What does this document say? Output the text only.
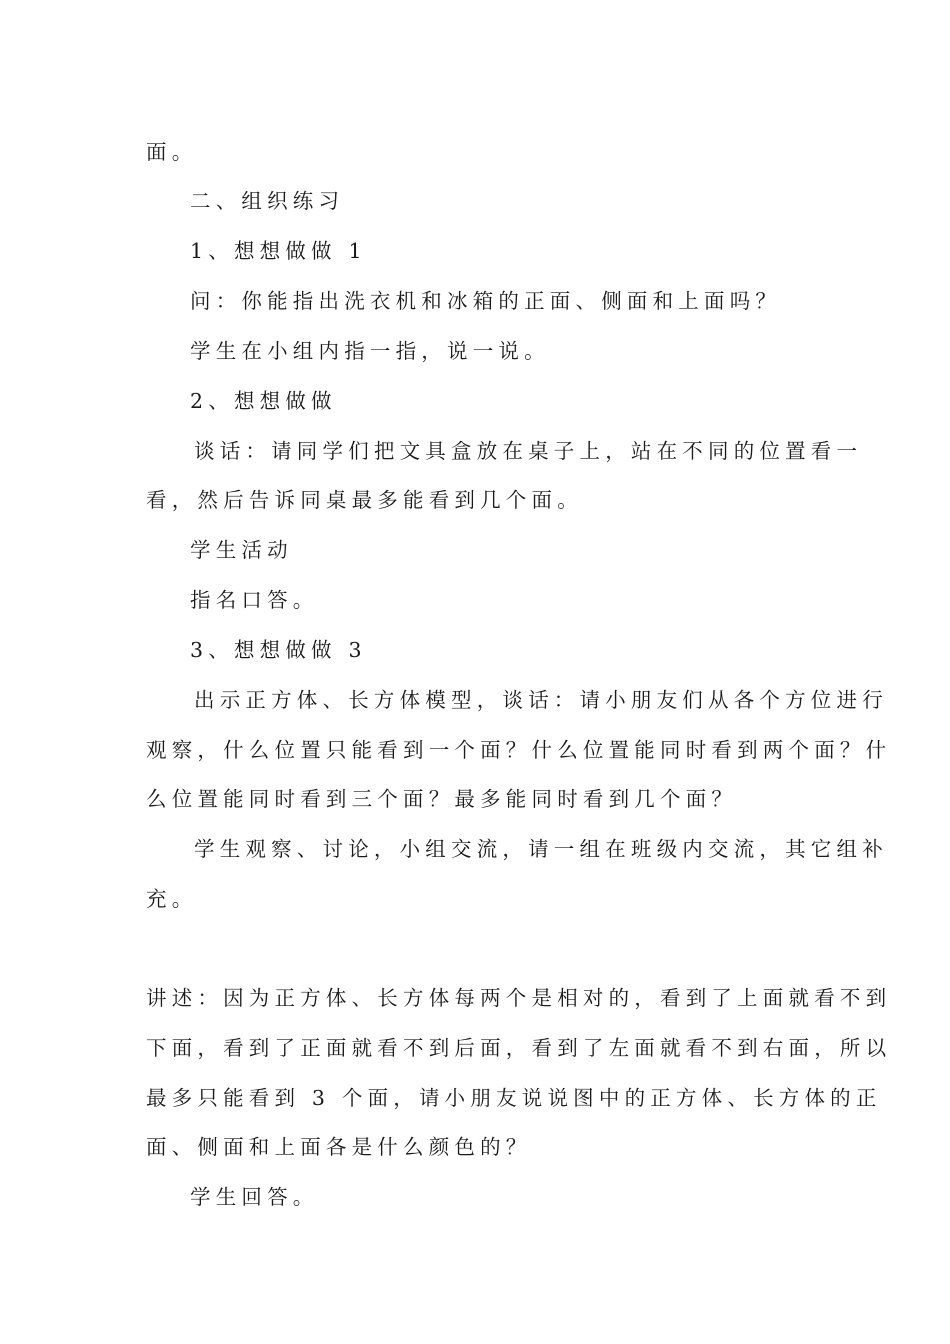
面。
二、组织练习
1、想想做做 1
问：你能指出洗衣机和冰箱的正面、侧面和上面吗？
学生在小组内指一指，说一说。
2、想想做做
谈话：请同学们把文具盒放在桌子上，站在不同的位置看一
看，然后告诉同桌最多能看到几个面。
学生活动
指名口答。
3、想想做做 3
出示正方体、长方体模型，谈话：请小朋友们从各个方位进行
观察，什么位置只能看到一个面？什么位置能同时看到两个面？什
么位置能同时看到三个面？最多能同时看到几个面？
学生观察、讨论，小组交流，请一组在班级内交流，其它组补
充。
讲述：因为正方体、长方体每两个是相对的，看到了上面就看不到
下面，看到了正面就看不到后面，看到了左面就看不到右面，所以
最多只能看到 3 个面，请小朋友说说图中的正方体、长方体的正
面、侧面和上面各是什么颜色的？
学生回答。
